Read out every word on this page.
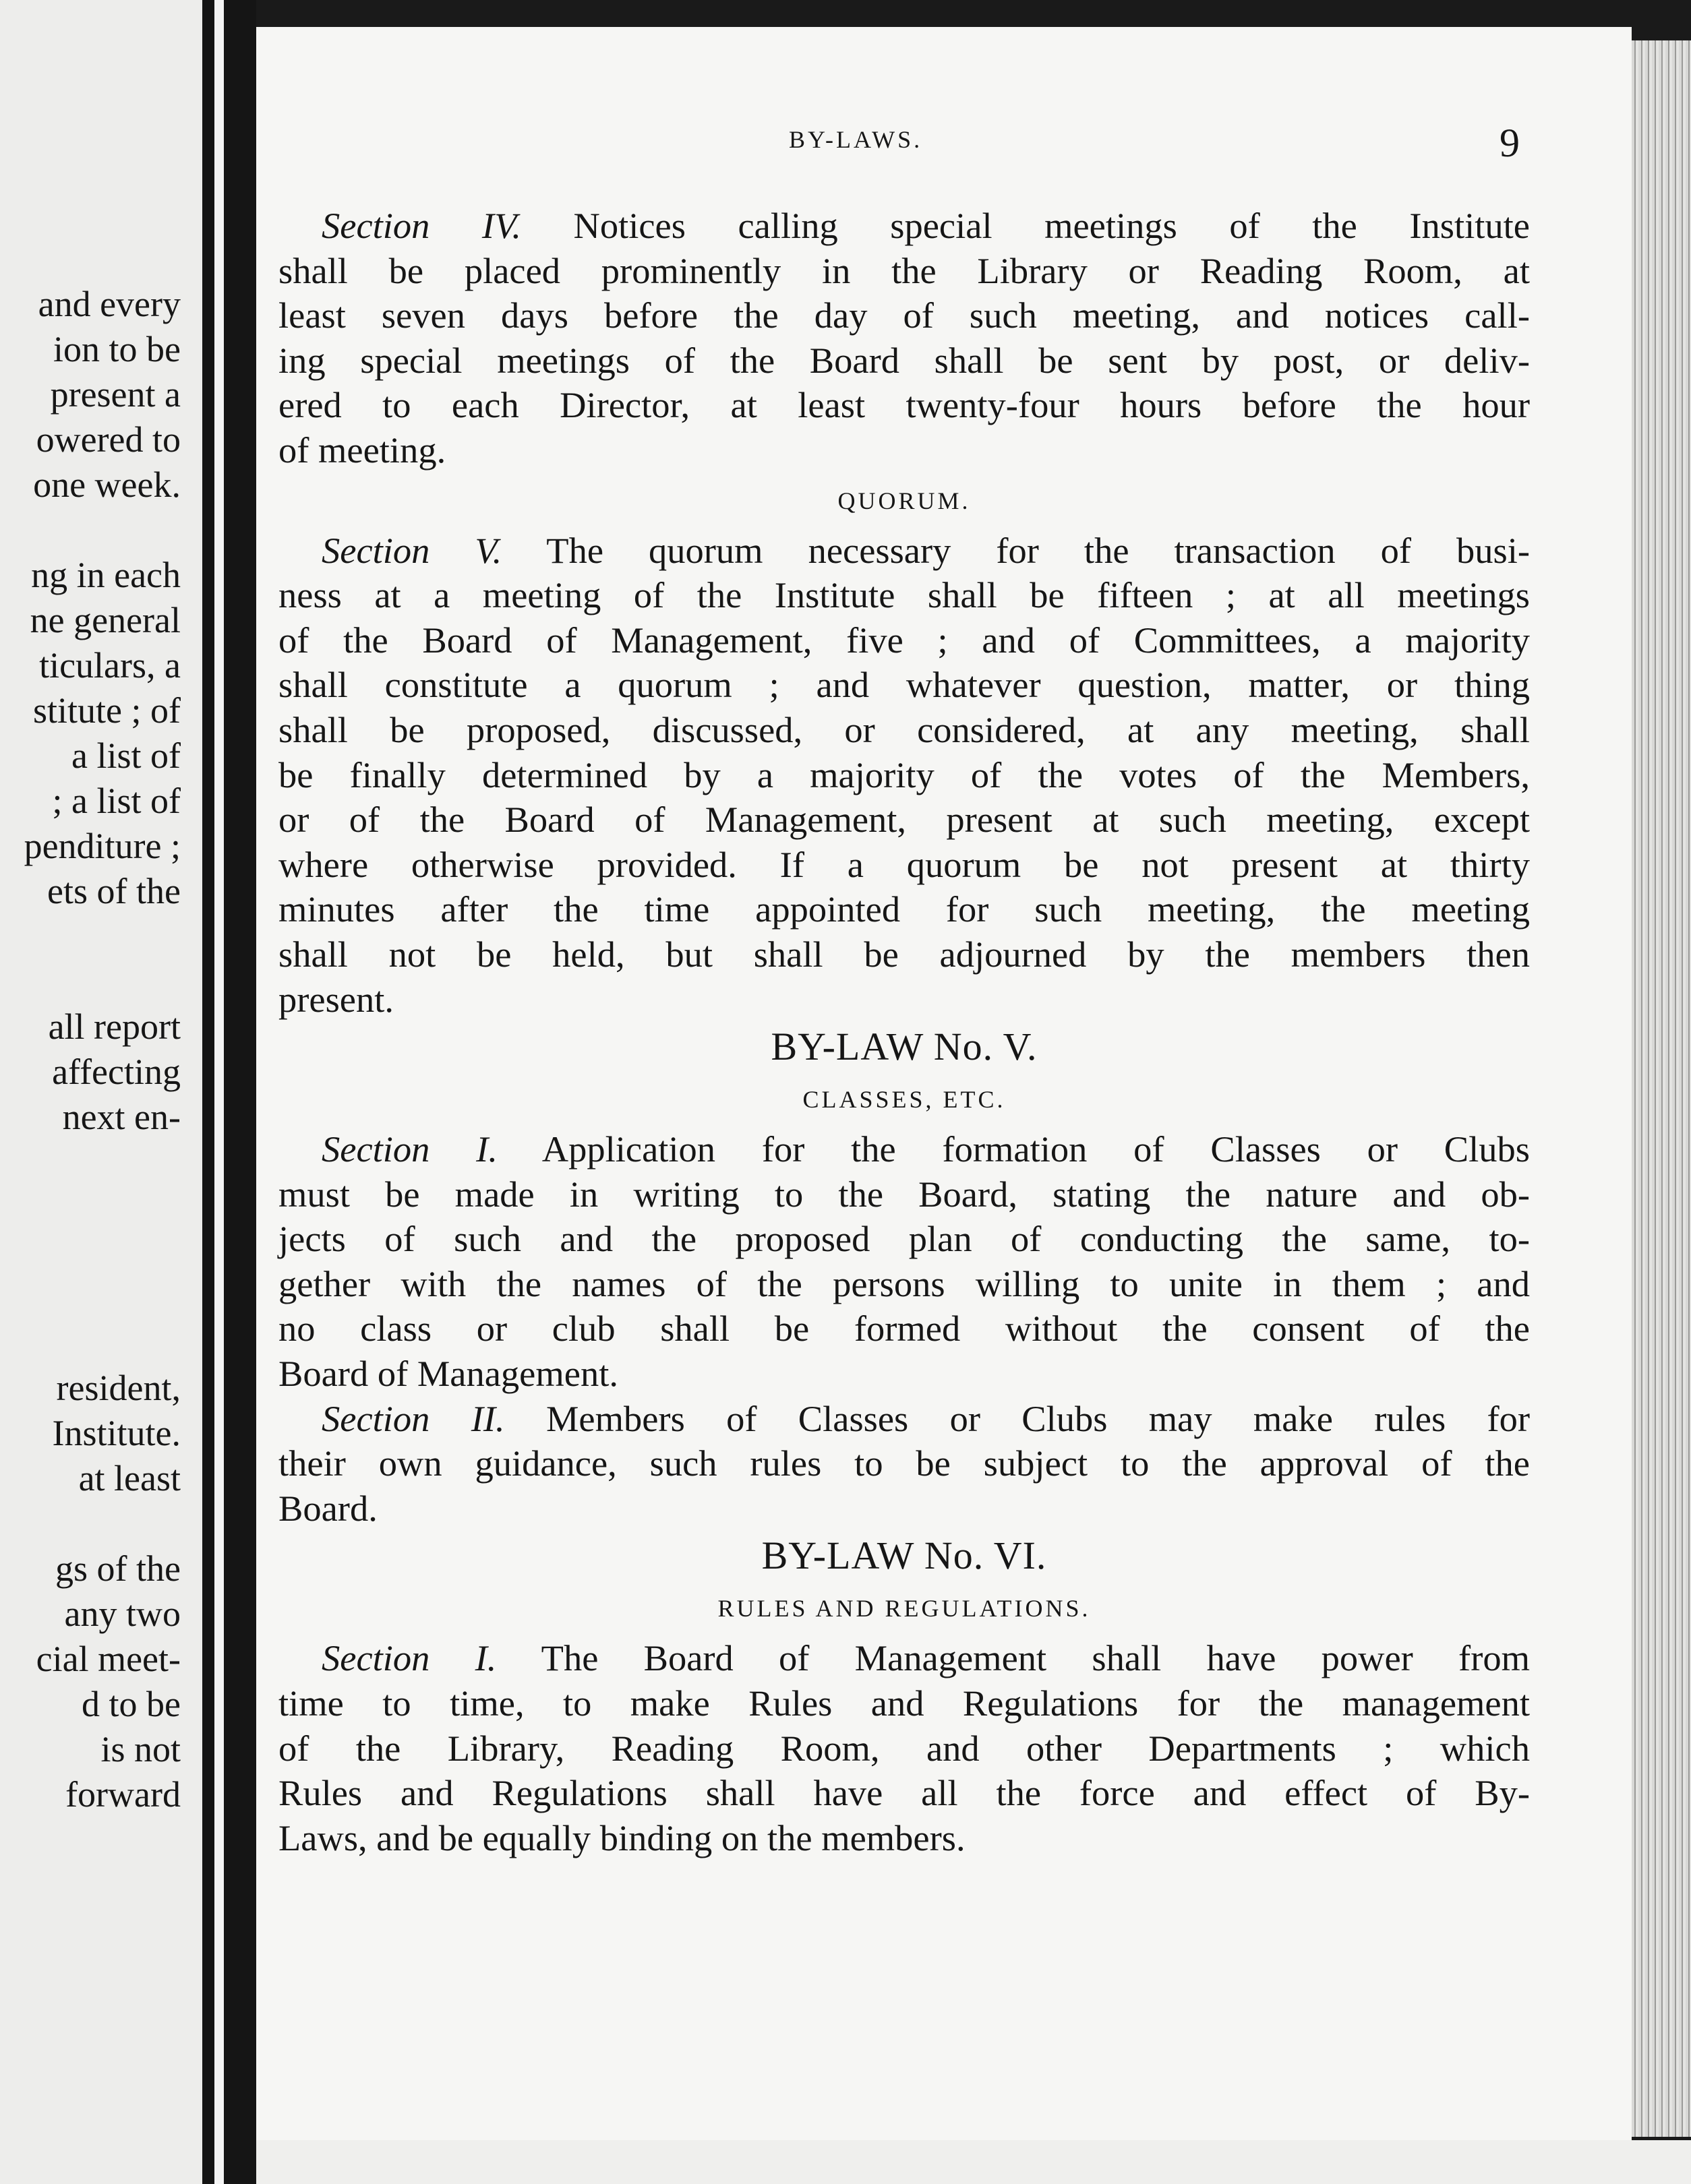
and every
ion to be
present a
owered to
one week.
ng in each
ne general
ticulars, a
stitute ; of
a list of
; a list of
penditure ;
ets of the
all report
affecting
next en-
resident,
Institute.
at least
gs of the
any two
cial meet-
d to be
is not
forward
BY-LAWS.	9
Section IV. Notices calling special meetings of the Institute
shall be placed prominently in the Library or Reading Room, at
least seven days before the day of such meeting, and notices call-
ing special meetings of the Board shall be sent by post, or deliv-
ered to each Director, at least twenty-four hours before the hour
of meeting.
QUORUM.
Section V. The quorum necessary for the transaction of busi-
ness at a meeting of the Institute shall be fifteen ; at all meetings
of the Board of Management, five ; and of Committees, a majority
shall constitute a quorum ; and whatever question, matter, or thing
shall be proposed, discussed, or considered, at any meeting, shall
be finally determined by a majority of the votes of the Members,
or of the Board of Management, present at such meeting, except
where otherwise provided. If a quorum be not present at thirty
minutes after the time appointed for such meeting, the meeting
shall not be held, but shall be adjourned by the members then
present.
BY-LAW No. V.
CLASSES, ETC.
Section I. Application for the formation of Classes or Clubs
must be made in writing to the Board, stating the nature and ob-
jects of such and the proposed plan of conducting the same, to-
gether with the names of the persons willing to unite in them ; and
no class or club shall be formed without the consent of the
Board of Management.
Section II. Members of Classes or Clubs may make rules for
their own guidance, such rules to be subject to the approval of the
Board.
BY-LAW No. VI.
RULES AND REGULATIONS.
Section I. The Board of Management shall have power from
time to time, to make Rules and Regulations for the management
of the Library, Reading Room, and other Departments ; which
Rules and Regulations shall have all the force and effect of By-
Laws, and be equally binding on the members.
